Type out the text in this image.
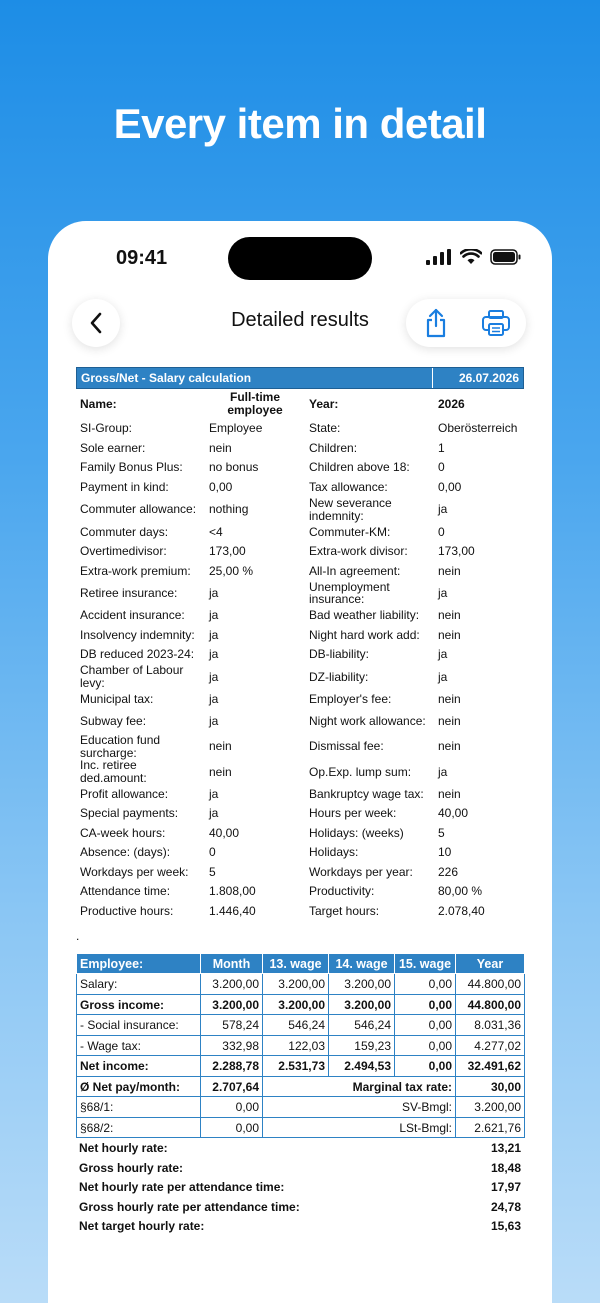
Every item in detail
09:41
Detailed results
Gross/Net - Salary calculation	26.07.2026
Name:	Full-time employee	Year:	2026
SI-Group:	Employee	State:	Oberösterreich
Sole earner:	nein	Children:	1
Family Bonus Plus:	no bonus	Children above 18:	0
Payment in kind:	0,00	Tax allowance:	0,00
Commuter allowance:	nothing	New severance indemnity:	ja
Commuter days:	<4	Commuter-KM:	0
Overtimedivisor:	173,00	Extra-work divisor:	173,00
Extra-work premium:	25,00 %	All-In agreement:	nein
Retiree insurance:	ja	Unemployment insurance:	ja
Accident insurance:	ja	Bad weather liability:	nein
Insolvency indemnity:	ja	Night hard work add:	nein
DB reduced 2023-24:	ja	DB-liability:	ja
Chamber of Labour levy:	ja	DZ-liability:	ja
Municipal tax:	ja	Employer's fee:	nein
Subway fee:	ja	Night work allowance:	nein
Education fund surcharge:	nein	Dismissal fee:	nein
Inc. retiree ded.amount:	nein	Op.Exp. lump sum:	ja
Profit allowance:	ja	Bankruptcy wage tax:	nein
Special payments:	ja	Hours per week:	40,00
CA-week hours:	40,00	Holidays: (weeks)	5
Absence: (days):	0	Holidays:	10
Workdays per week:	5	Workdays per year:	226
Attendance time:	1.808,00	Productivity:	80,00 %
Productive hours:	1.446,40	Target hours:	2.078,40
.
Employee:	Month	13. wage	14. wage	15. wage	Year
Salary:	3.200,00	3.200,00	3.200,00	0,00	44.800,00
Gross income:	3.200,00	3.200,00	3.200,00	0,00	44.800,00
- Social insurance:	578,24	546,24	546,24	0,00	8.031,36
- Wage tax:	332,98	122,03	159,23	0,00	4.277,02
Net income:	2.288,78	2.531,73	2.494,53	0,00	32.491,62
Ø Net pay/month:	2.707,64	Marginal tax rate:			30,00
§68/1:	0,00	SV-Bmgl:			3.200,00
§68/2:	0,00	LSt-Bmgl:			2.621,76
Net hourly rate:	13,21
Gross hourly rate:	18,48
Net hourly rate per attendance time:	17,97
Gross hourly rate per attendance time:	24,78
Net target hourly rate:	15,63
